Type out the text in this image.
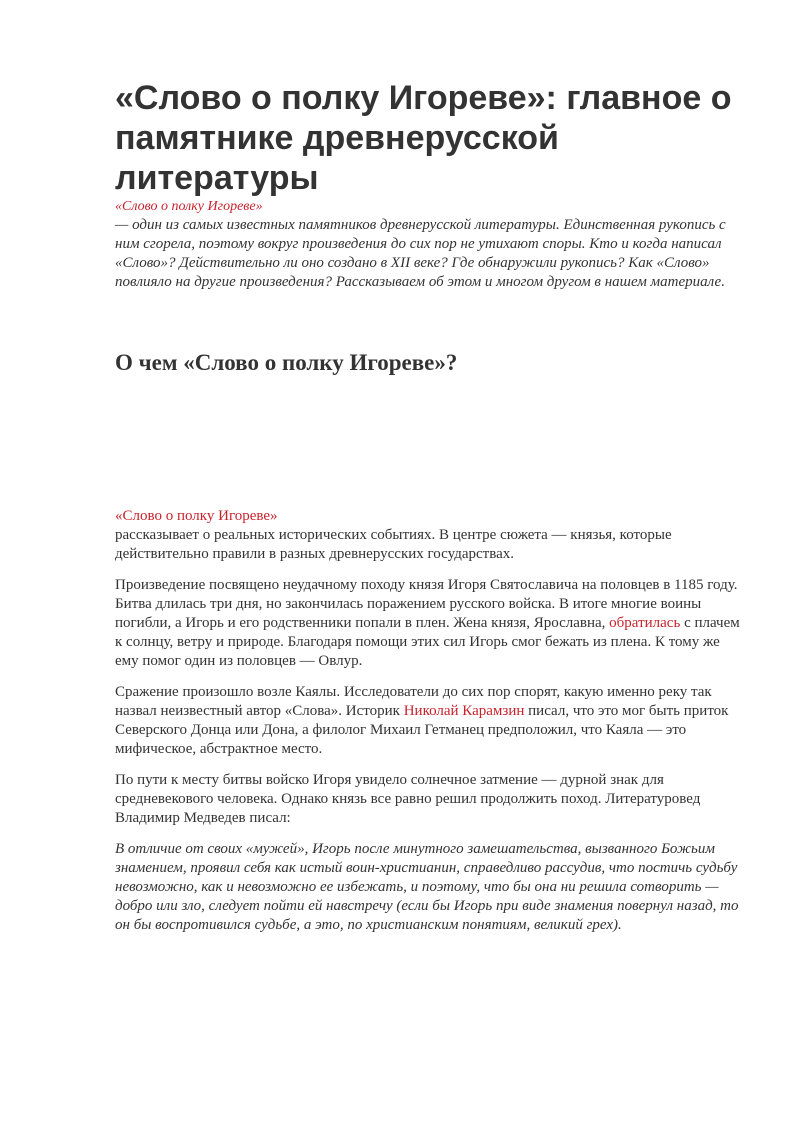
«Слово о полку Игореве»: главное о памятнике древнерусской литературы
«Слово о полку Игореве»

— один из самых известных памятников древнерусской литературы. Единственная рукопись с ним сгорела, поэтому вокруг произведения до сих пор не утихают споры. Кто и когда написал «Слово»? Действительно ли оно создано в XII веке? Где обнаружили рукопись? Как «Слово» повлияло на другие произведения? Рассказываем об этом и многом другом в нашем материале.

О чем «Слово о полку Игореве»?

«Слово о полку Игореве»
рассказывает о реальных исторических событиях. В центре сюжета — князья, которые действительно правили в разных древнерусских государствах.

Произведение посвящено неудачному походу князя Игоря Святославича на половцев в 1185 году. Битва длилась три дня, но закончилась поражением русского войска. В итоге многие воины погибли, а Игорь и его родственники попали в плен. Жена князя, Ярославна, обратилась с плачем к солнцу, ветру и природе. Благодаря помощи этих сил Игорь смог бежать из плена. К тому же ему помог один из половцев — Овлур.

Сражение произошло возле Каялы. Исследователи до сих пор спорят, какую именно реку так назвал неизвестный автор «Слова». Историк Николай Карамзин писал, что это мог быть приток Северского Донца или Дона, а филолог Михаил Гетманец предположил, что Каяла — это мифическое, абстрактное место.

По пути к месту битвы войско Игоря увидело солнечное затмение — дурной знак для средневекового человека. Однако князь все равно решил продолжить поход. Литературовед Владимир Медведев писал:

В отличие от своих «мужей», Игорь после минутного замешательства, вызванного Божьим знамением, проявил себя как истый воин-христианин, справедливо рассудив, что постичь судьбу невозможно, как и невозможно ее избежать, и поэтому, что бы она ни решила сотворить — добро или зло, следует пойти ей навстречу (если бы Игорь при виде знамения повернул назад, то он бы воспротивился судьбе, а это, по христианским понятиям, великий грех).
